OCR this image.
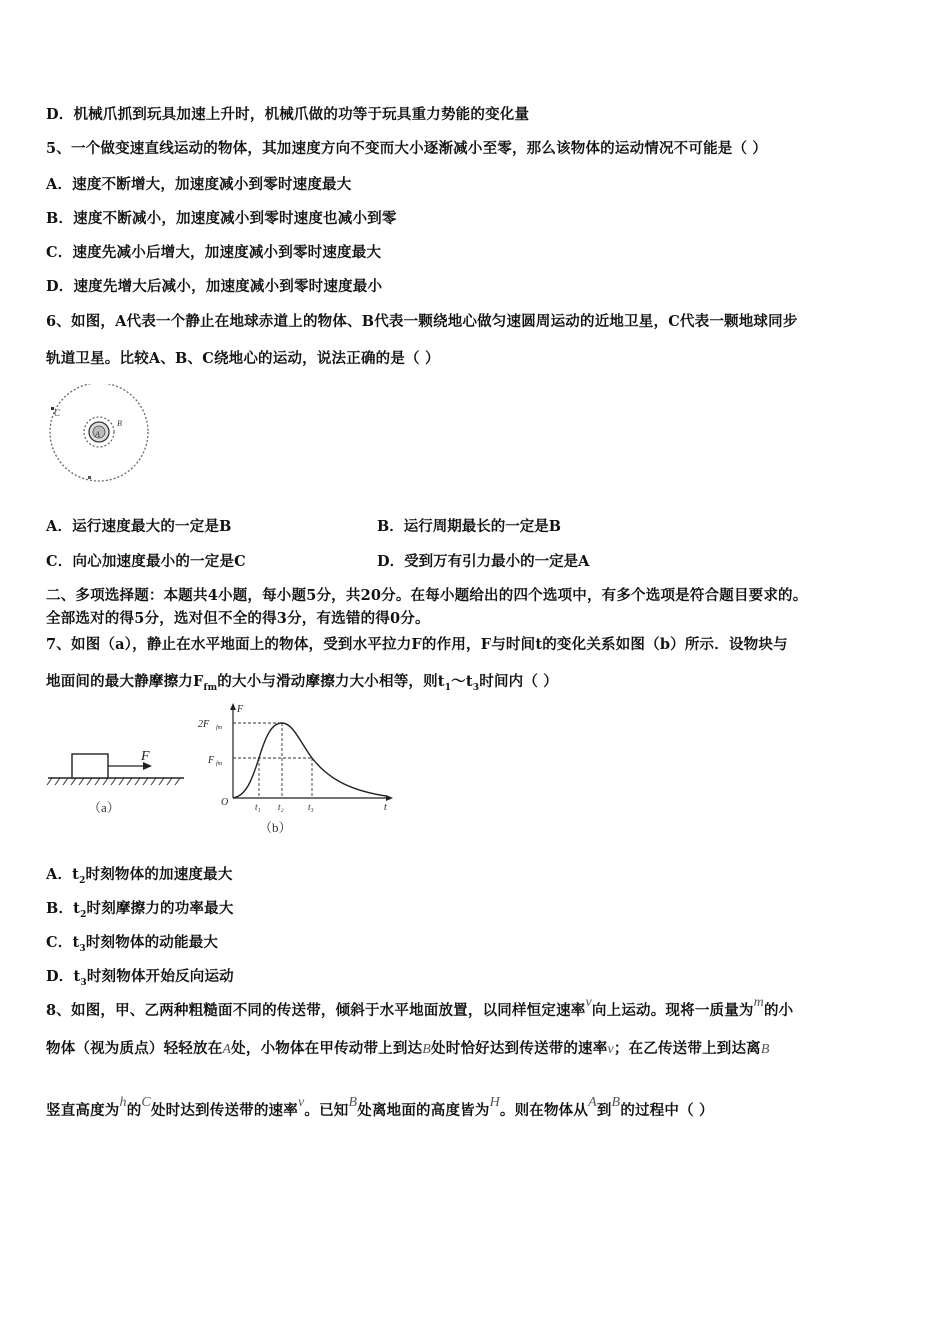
D．机械爪抓到玩具加速上升时，机械爪做的功等于玩具重力势能的变化量
5、一个做变速直线运动的物体，其加速度方向不变而大小逐渐减小至零，那么该物体的运动情况不可能是（ ）
A．速度不断增大，加速度减小到零时速度最大
B．速度不断减小，加速度减小到零时速度也减小到零
C．速度先减小后增大，加速度减小到零时速度最大
D．速度先增大后减小，加速度减小到零时速度最小
6、如图，A代表一个静止在地球赤道上的物体、B代表一颗绕地心做匀速圆周运动的近地卫星，C代表一颗地球同步
轨道卫星。比较A、B、C绕地心的运动，说法正确的是（ ）
A
B
C
A．运行速度最大的一定是B	B．运行周期最长的一定是B
C．向心加速度最小的一定是C	D．受到万有引力最小的一定是A
二、多项选择题：本题共4小题，每小题5分，共20分。在每小题给出的四个选项中，有多个选项是符合题目要求的。
全部选对的得5分，选对但不全的得3分，有选错的得0分。
7、如图（a），静止在水平地面上的物体，受到水平拉力F的作用，F与时间t的变化关系如图（b）所示．设物块与
地面间的最大静摩擦力$F_{fm}$的大小与滑动摩擦力大小相等，则$t_1\sim t_3$时间内（ ）
F
（a）
F
t
O
2F fm
F fm
t₁ t₂	t₃
（b）
A．$t_2$时刻物体的加速度最大
B．$t_2$时刻摩擦力的功率最大
C．$t_3$时刻物体的动能最大
D．$t_3$时刻物体开始反向运动
8、如图，甲、乙两种粗糙面不同的传送带，倾斜于水平地面放置，以同样恒定速率v向上运动。现将一质量为m的小
物体（视为质点）轻轻放在A处，小物体在甲传动带上到达B处时恰好达到传送带的速率v；在乙传送带上到达离B
竖直高度为h的C处时达到传送带的速率v。已知B处离地面的高度皆为H。则在物体从A到B的过程中（ ）
